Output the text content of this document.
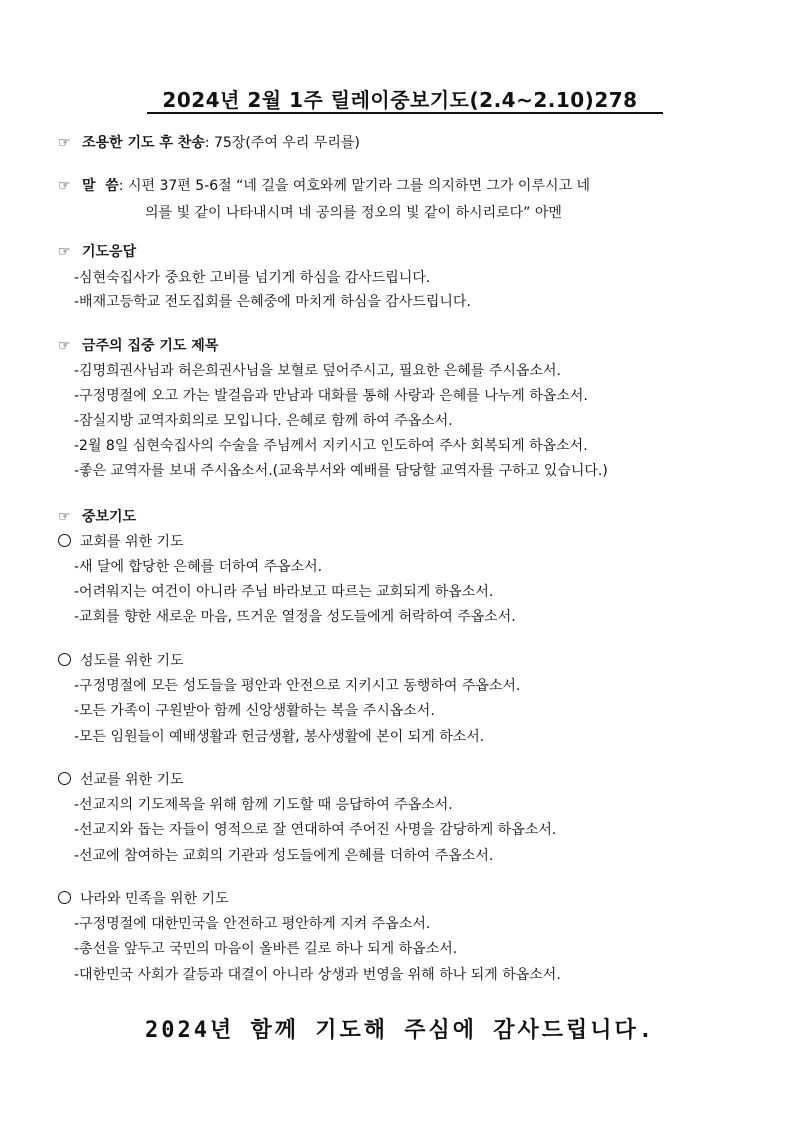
2024년 2월 1주 릴레이중보기도(2.4~2.10)278
☞ 조용한 기도 후 찬송: 75장(주여 우리 무리를)
☞ 말  씀: 시편 37편 5-6절 “네 길을 여호와께 맡기라 그를 의지하면 그가 이루시고 네
의를 빛 같이 나타내시며 네 공의를 정오의 빛 같이 하시리로다” 아멘
☞ 기도응답
-심현숙집사가 중요한 고비를 넘기게 하심을 감사드립니다.
-배재고등학교 전도집회를 은혜중에 마치게 하심을 감사드립니다.
☞ 금주의 집중 기도 제목
-김명희권사님과 허은희권사님을 보혈로 덮어주시고, 필요한 은혜를 주시옵소서.
-구정명절에 오고 가는 발걸음과 만남과 대화를 통해 사랑과 은혜를 나누게 하옵소서.
-잠실지방 교역자회의로 모입니다. 은혜로 함께 하여 주옵소서.
-2월 8일 심현숙집사의 수술을 주님께서 지키시고 인도하여 주사 회복되게 하옵소서.
-좋은 교역자를 보내 주시옵소서.(교육부서와 예배를 담당할 교역자를 구하고 있습니다.)
☞ 중보기도
교회를 위한 기도
-새 달에 합당한 은혜를 더하여 주옵소서.
-어려워지는 여건이 아니라 주님 바라보고 따르는 교회되게 하옵소서.
-교회를 향한 새로운 마음, 뜨거운 열정을 성도들에게 허락하여 주옵소서.
성도를 위한 기도
-구정명절에 모든 성도들을 평안과 안전으로 지키시고 동행하여 주옵소서.
-모든 가족이 구원받아 함께 신앙생활하는 복을 주시옵소서.
-모든 임원들이 예배생활과 헌금생활, 봉사생활에 본이 되게 하소서.
선교를 위한 기도
-선교지의 기도제목을 위해 함께 기도할 때 응답하여 주옵소서.
-선교지와 돕는 자들이 영적으로 잘 연대하여 주어진 사명을 감당하게 하옵소서.
-선교에 참여하는 교회의 기관과 성도들에게 은혜를 더하여 주옵소서.
나라와 민족을 위한 기도
-구정명절에 대한민국을 안전하고 평안하게 지켜 주옵소서.
-총선을 앞두고 국민의 마음이 올바른 길로 하나 되게 하옵소서.
-대한민국 사회가 갈등과 대결이 아니라 상생과 번영을 위해 하나 되게 하옵소서.
2024년 함께 기도해 주심에 감사드립니다.
